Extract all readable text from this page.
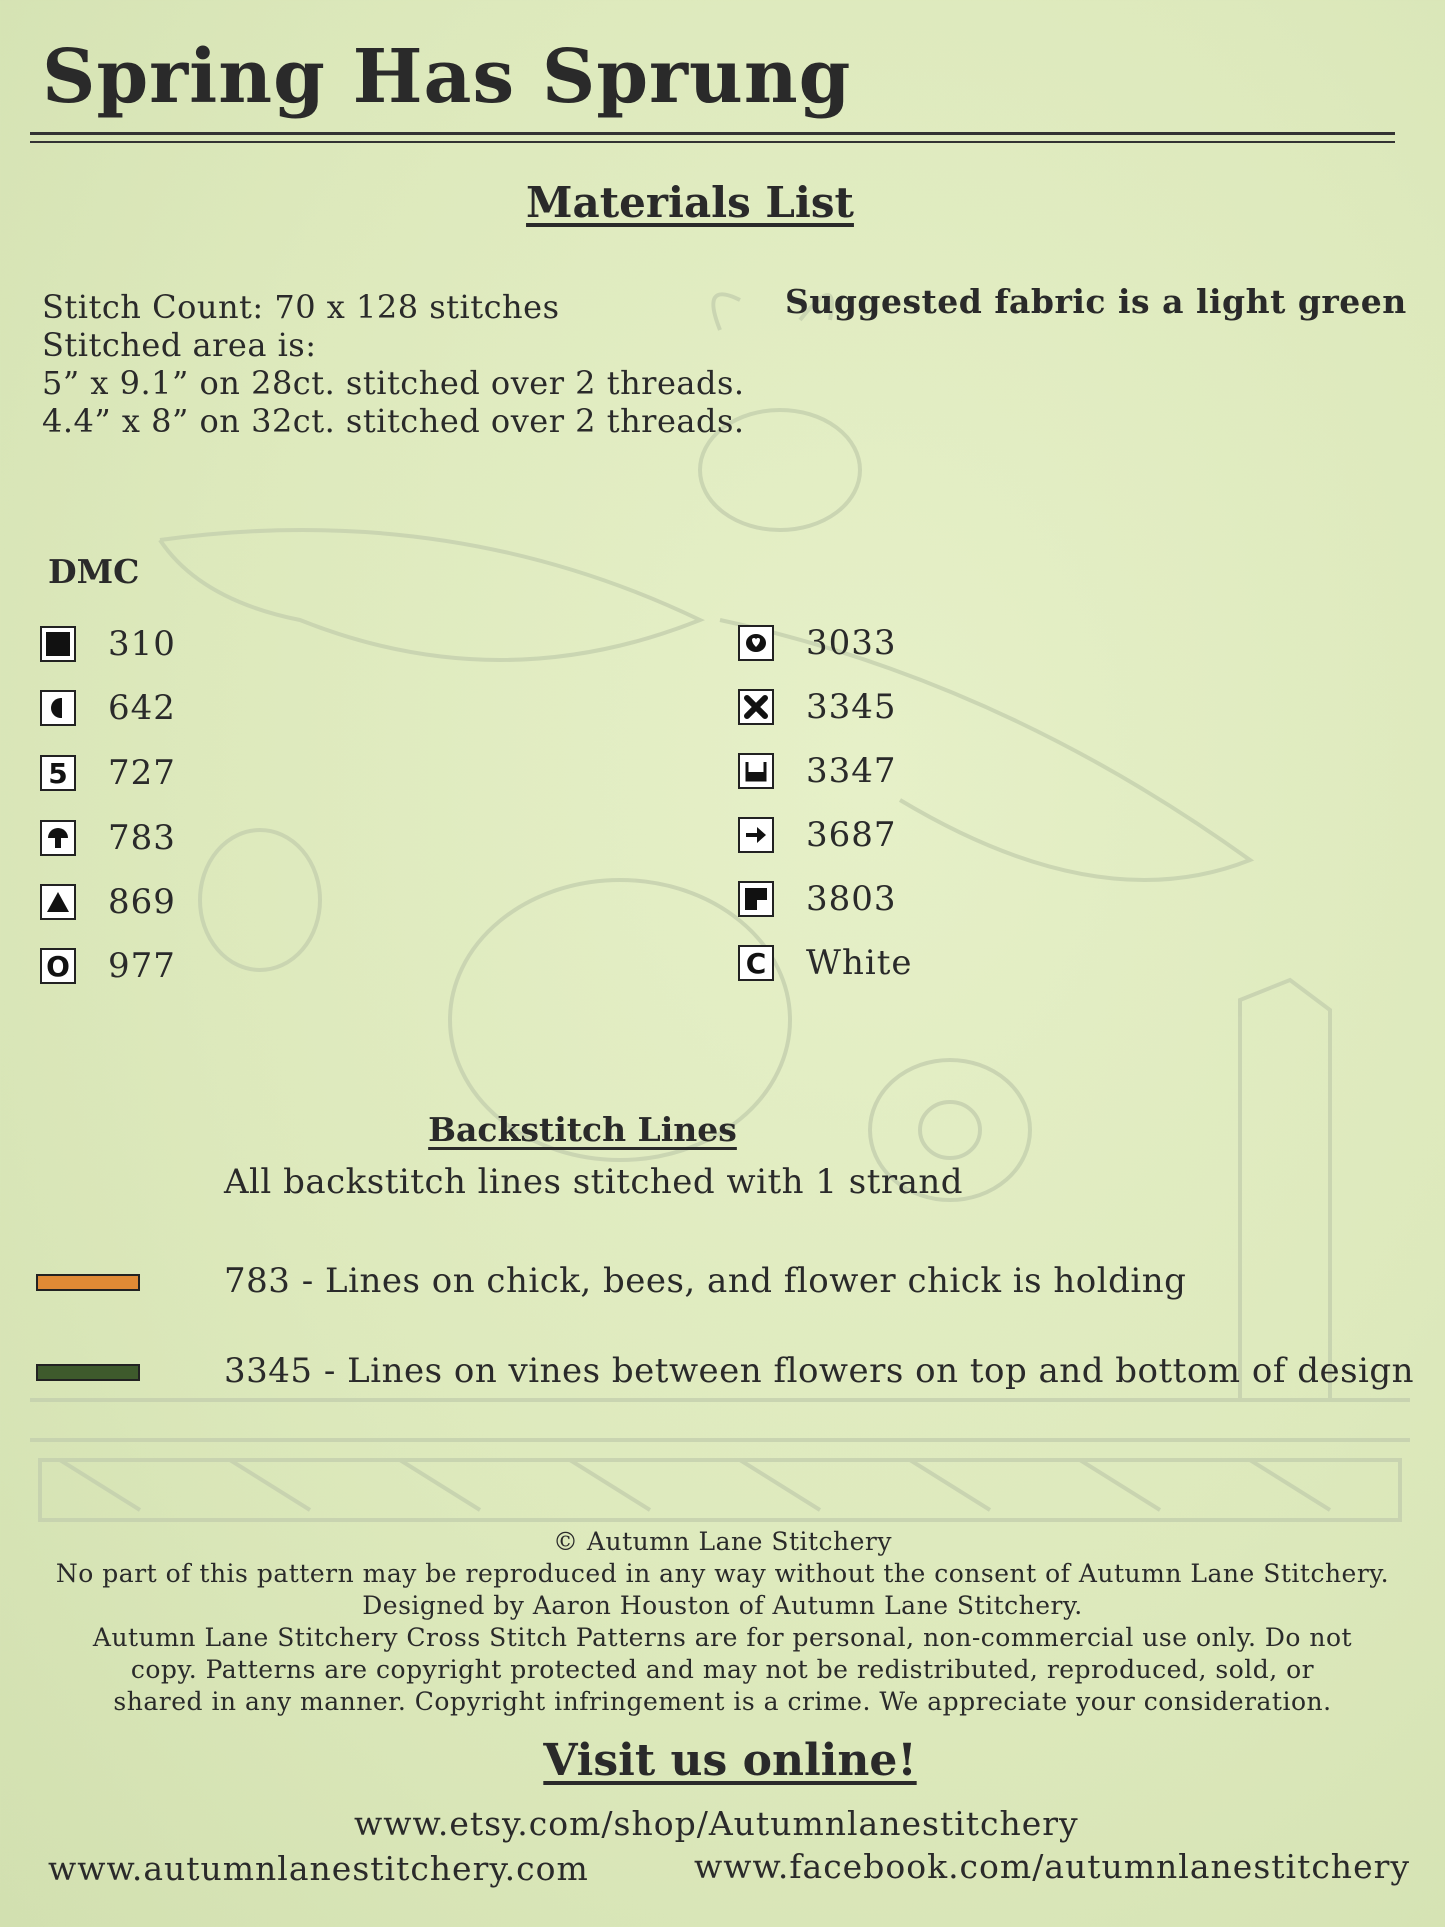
Spring Has Sprung
Materials List
Stitch Count: 70 x 128 stitches
Stitched area is:
5” x 9.1” on 28ct. stitched over 2 threads.
4.4” x 8” on 32ct. stitched over 2 threads.
Suggested fabric is a light green
DMC
310
642
5 727
783
869
O 977
3033
3345
3347
3687
3803
C White
Backstitch Lines
All backstitch lines stitched with 1 strand
783 - Lines on chick, bees, and flower chick is holding
3345 - Lines on vines between flowers on top and bottom of design
© Autumn Lane Stitchery
No part of this pattern may be reproduced in any way without the consent of Autumn Lane Stitchery.
Designed by Aaron Houston of Autumn Lane Stitchery.
Autumn Lane Stitchery Cross Stitch Patterns are for personal, non-commercial use only. Do not
copy. Patterns are copyright protected and may not be redistributed, reproduced, sold, or
shared in any manner. Copyright infringement is a crime. We appreciate your consideration.
Visit us online!
www.etsy.com/shop/Autumnlanestitchery
www.autumnlanestitchery.com	www.facebook.com/autumnlanestitchery
